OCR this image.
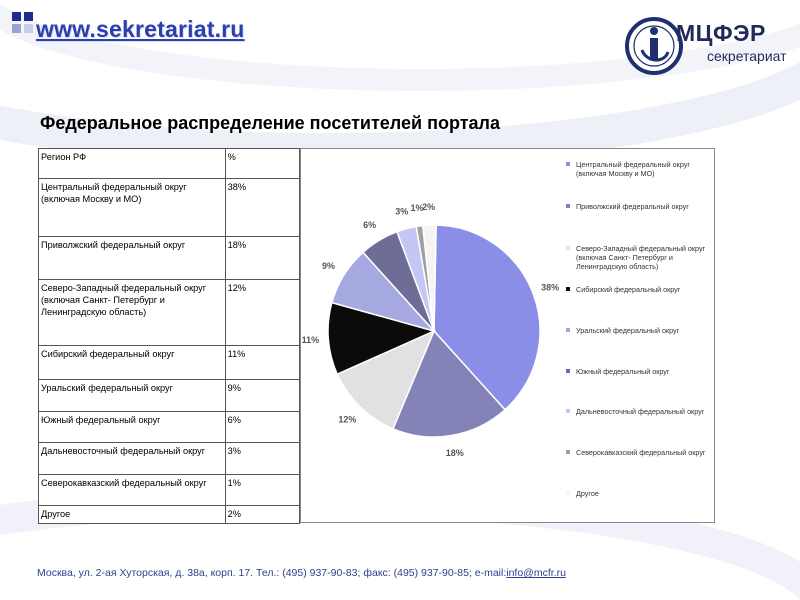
www.sekretariat.ru	МЦФЭР
секретариат
Федеральное распределение посетителей портала
Регион РФ	%
Центральный федеральный округ (включая Москву и МО)	38%
Приволжский федеральный округ	18%
Северо-Западный федеральный округ (включая Санкт- Петербург и Ленинградскую область)	12%
Сибирский федеральный округ	11%
Уральский федеральный округ	9%
Южный федеральный округ	6%
Дальневосточный федеральный округ	3%
Северокавказский федеральный округ	1%
Другое	2%
38%
18%
12%
11%
9%
6%
3% 1%
2%
Центральный федеральный округ (включая Москву и МО)
Приволжский федеральный округ
Северо-Западный федеральный округ (включая Санкт- Петербург и Ленинградскую область)
Сибирский федеральный округ
Уральский федеральный округ
Южный федеральный округ
Дальневосточный федеральный округ
Северокавказский федеральный округ
Другое
Москва, ул. 2-ая Хуторская, д. 38а, корп. 17. Тел.: (495) 937-90-83; факс: (495) 937-90-85; e-mail:info@mcfr.ru
